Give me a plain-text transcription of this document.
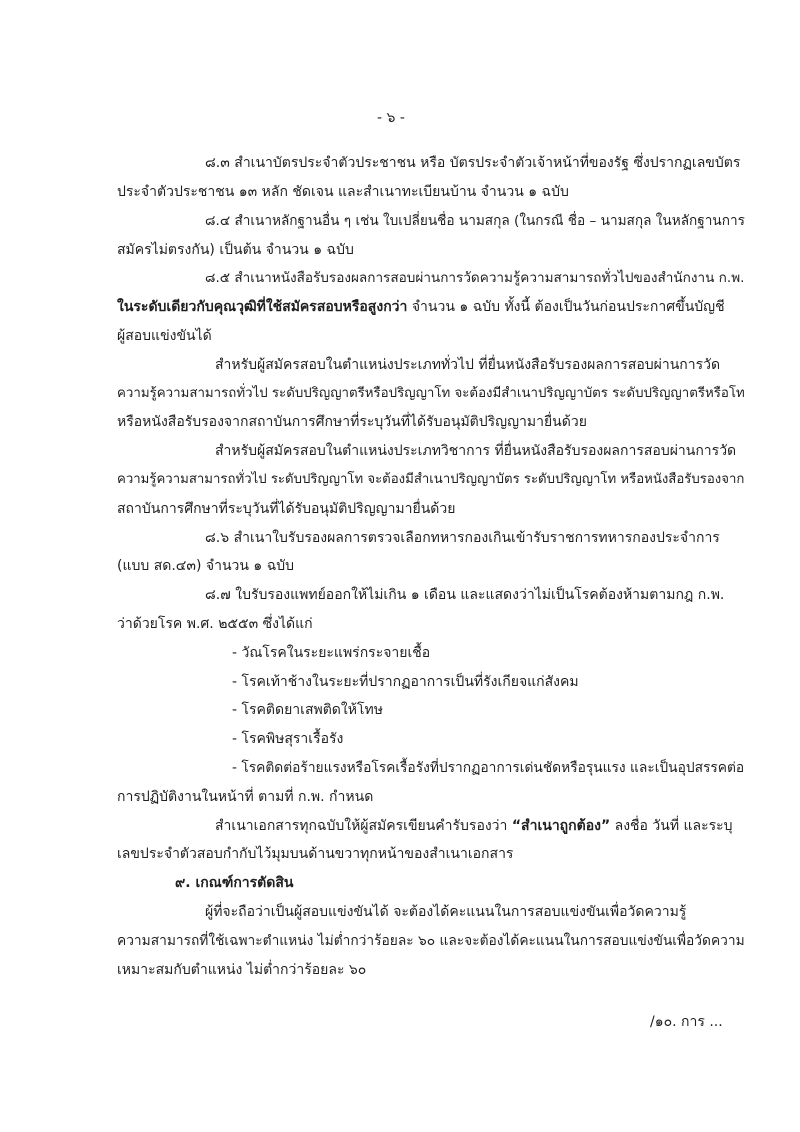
- ๖ -
๘.๓ สำเนาบัตรประจำตัวประชาชน หรือ บัตรประจำตัวเจ้าหน้าที่ของรัฐ ซึ่งปรากฏเลขบัตร
ประจำตัวประชาชน ๑๓ หลัก ชัดเจน และสำเนาทะเบียนบ้าน จำนวน ๑ ฉบับ
๘.๔ สำเนาหลักฐานอื่น ๆ เช่น ใบเปลี่ยนชื่อ นามสกุล (ในกรณี ชื่อ – นามสกุล ในหลักฐานการ
สมัครไม่ตรงกัน) เป็นต้น จำนวน ๑ ฉบับ
๘.๕ สำเนาหนังสือรับรองผลการสอบผ่านการวัดความรู้ความสามารถทั่วไปของสำนักงาน ก.พ.
ในระดับเดียวกับคุณวุฒิที่ใช้สมัครสอบหรือสูงกว่า จำนวน ๑ ฉบับ ทั้งนี้ ต้องเป็นวันก่อนประกาศขึ้นบัญชี
ผู้สอบแข่งขันได้
สำหรับผู้สมัครสอบในตำแหน่งประเภททั่วไป ที่ยื่นหนังสือรับรองผลการสอบผ่านการวัด
ความรู้ความสามารถทั่วไป ระดับปริญญาตรีหรือปริญญาโท จะต้องมีสำเนาปริญญาบัตร ระดับปริญญาตรีหรือโท
หรือหนังสือรับรองจากสถาบันการศึกษาที่ระบุวันที่ได้รับอนุมัติปริญญามายื่นด้วย
สำหรับผู้สมัครสอบในตำแหน่งประเภทวิชาการ ที่ยื่นหนังสือรับรองผลการสอบผ่านการวัด
ความรู้ความสามารถทั่วไป ระดับปริญญาโท จะต้องมีสำเนาปริญญาบัตร ระดับปริญญาโท หรือหนังสือรับรองจาก
สถาบันการศึกษาที่ระบุวันที่ได้รับอนุมัติปริญญามายื่นด้วย
๘.๖ สำเนาใบรับรองผลการตรวจเลือกทหารกองเกินเข้ารับราชการทหารกองประจำการ
(แบบ สด.๔๓) จำนวน ๑ ฉบับ
๘.๗ ใบรับรองแพทย์ออกให้ไม่เกิน ๑ เดือน และแสดงว่าไม่เป็นโรคต้องห้ามตามกฎ ก.พ.
ว่าด้วยโรค พ.ศ. ๒๕๕๓ ซึ่งได้แก่
- วัณโรคในระยะแพร่กระจายเชื้อ
- โรคเท้าช้างในระยะที่ปรากฏอาการเป็นที่รังเกียจแก่สังคม
- โรคติดยาเสพติดให้โทษ
- โรคพิษสุราเรื้อรัง
- โรคติดต่อร้ายแรงหรือโรคเรื้อรังที่ปรากฏอาการเด่นชัดหรือรุนแรง และเป็นอุปสรรคต่อ
การปฏิบัติงานในหน้าที่ ตามที่ ก.พ. กำหนด
สำเนาเอกสารทุกฉบับให้ผู้สมัครเขียนคำรับรองว่า “สำเนาถูกต้อง” ลงชื่อ วันที่ และระบุ
เลขประจำตัวสอบกำกับไว้มุมบนด้านขวาทุกหน้าของสำเนาเอกสาร
๙. เกณฑ์การตัดสิน
ผู้ที่จะถือว่าเป็นผู้สอบแข่งขันได้ จะต้องได้คะแนนในการสอบแข่งขันเพื่อวัดความรู้
ความสามารถที่ใช้เฉพาะตำแหน่ง ไม่ต่ำกว่าร้อยละ ๖๐ และจะต้องได้คะแนนในการสอบแข่งขันเพื่อวัดความ
เหมาะสมกับตำแหน่ง ไม่ต่ำกว่าร้อยละ ๖๐
/๑๐. การ ...
